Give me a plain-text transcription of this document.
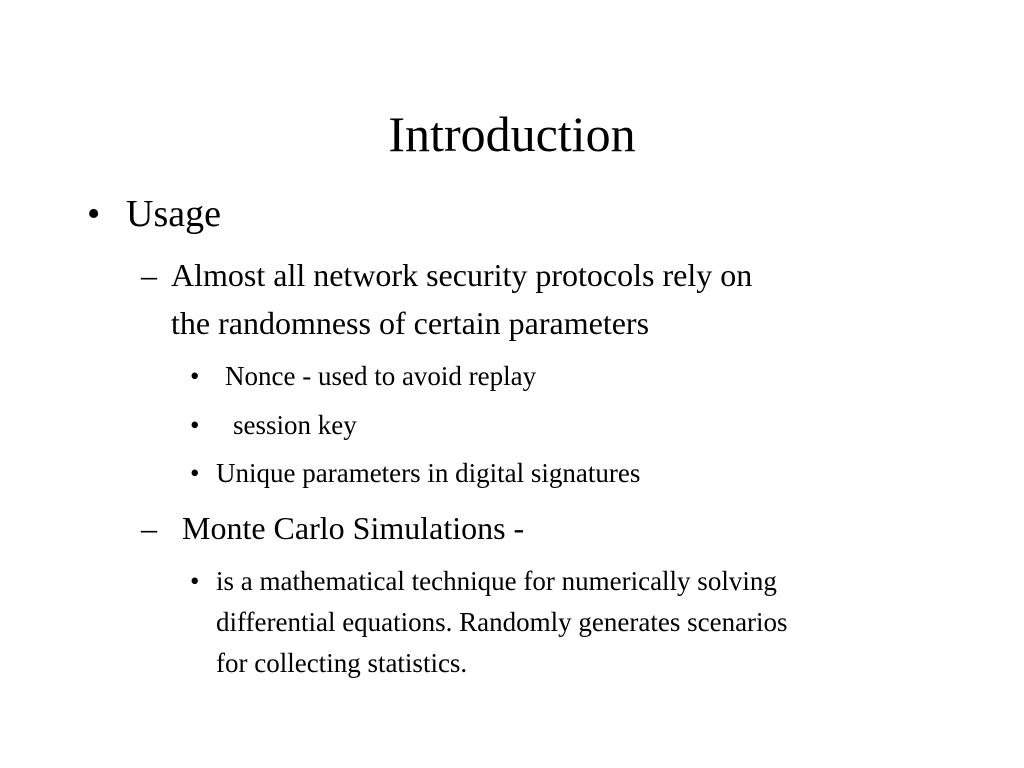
Introduction
• Usage
– Almost all network security protocols rely on
the randomness of certain parameters
• Nonce - used to avoid replay
• session key
• Unique parameters in digital signatures
– Monte Carlo Simulations -
• is a mathematical technique for numerically solving
differential equations. Randomly generates scenarios
for collecting statistics.
